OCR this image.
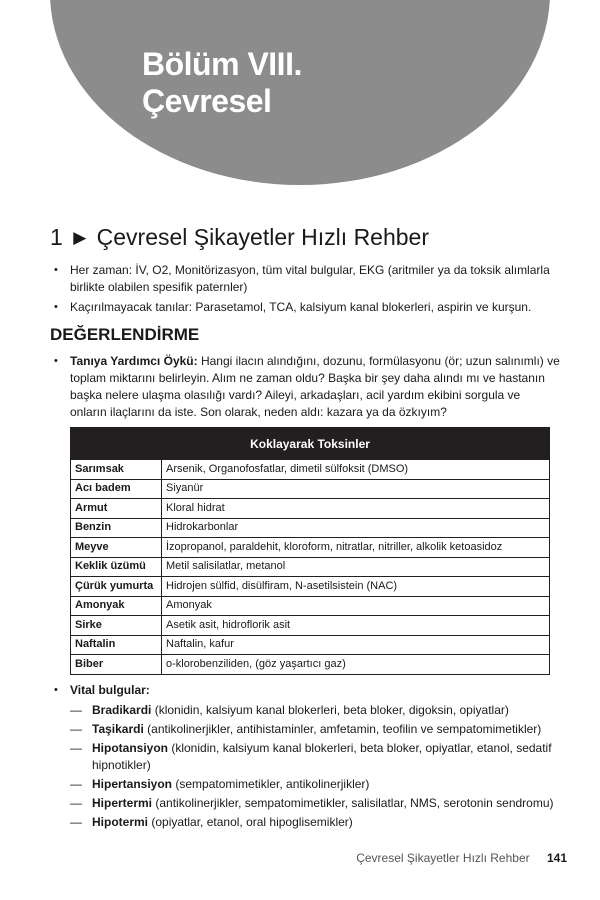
Bölüm VIII.
Çevresel
1 ▶ Çevresel Şikayetler Hızlı Rehber
• Her zaman: İV, O2, Monitörizasyon, tüm vital bulgular, EKG (aritmiler ya da toksik alımlarla birlikte olabilen spesifik paternler)
• Kaçırılmayacak tanılar: Parasetamol, TCA, kalsiyum kanal blokerleri, aspirin ve kurşun.
DEĞERLENDİRME
• Tanıya Yardımcı Öykü: Hangi ilacın alındığını, dozunu, formülasyonu (ör; uzun salınımlı) ve toplam miktarını belirleyin. Alım ne zaman oldu? Başka bir şey daha alındı mı ve hastanın başka nelere ulaşma olasılığı vardı? Aileyi, arkadaşları, acil yardım ekibini sorgula ve onların ilaçlarını da iste. Son olarak, neden aldı: kazara ya da özkıyım?
Koklayarak Toksinler	
Sarımsak	Arsenik, Organofosfatlar, dimetil sülfoksit (DMSO)
Acı badem	Siyanür
Armut	Kloral hidrat
Benzin	Hidrokarbonlar
Meyve	İzopropanol, paraldehit, kloroform, nitratlar, nitriller, alkolik ketoasidoz
Keklik üzümü	Metil salisilatlar, metanol
Çürük yumurta	Hidrojen sülfid, disülfiram, N-asetilsistein (NAC)
Amonyak	Amonyak
Sirke	Asetik asit, hidroflorik asit
Naftalin	Naftalin, kafur
Biber	o-klorobenziliden, (göz yaşartıcı gaz)
• Vital bulgular:
— Bradikardi (klonidin, kalsiyum kanal blokerleri, beta bloker, digoksin, opiyatlar)
— Taşikardi (antikolinerjikler, antihistaminler, amfetamin, teofilin ve sempatomimetikler)
— Hipotansiyon (klonidin, kalsiyum kanal blokerleri, beta bloker, opiyatlar, etanol, sedatif hipnotikler)
— Hipertansiyon (sempatomimetikler, antikolinerjikler)
— Hipertermi (antikolinerjikler, sempatomimetikler, salisilatlar, NMS, serotonin sendromu)
— Hipotermi (opiyatlar, etanol, oral hipoglisemikler)
Çevresel Şikayetler Hızlı Rehber 141
